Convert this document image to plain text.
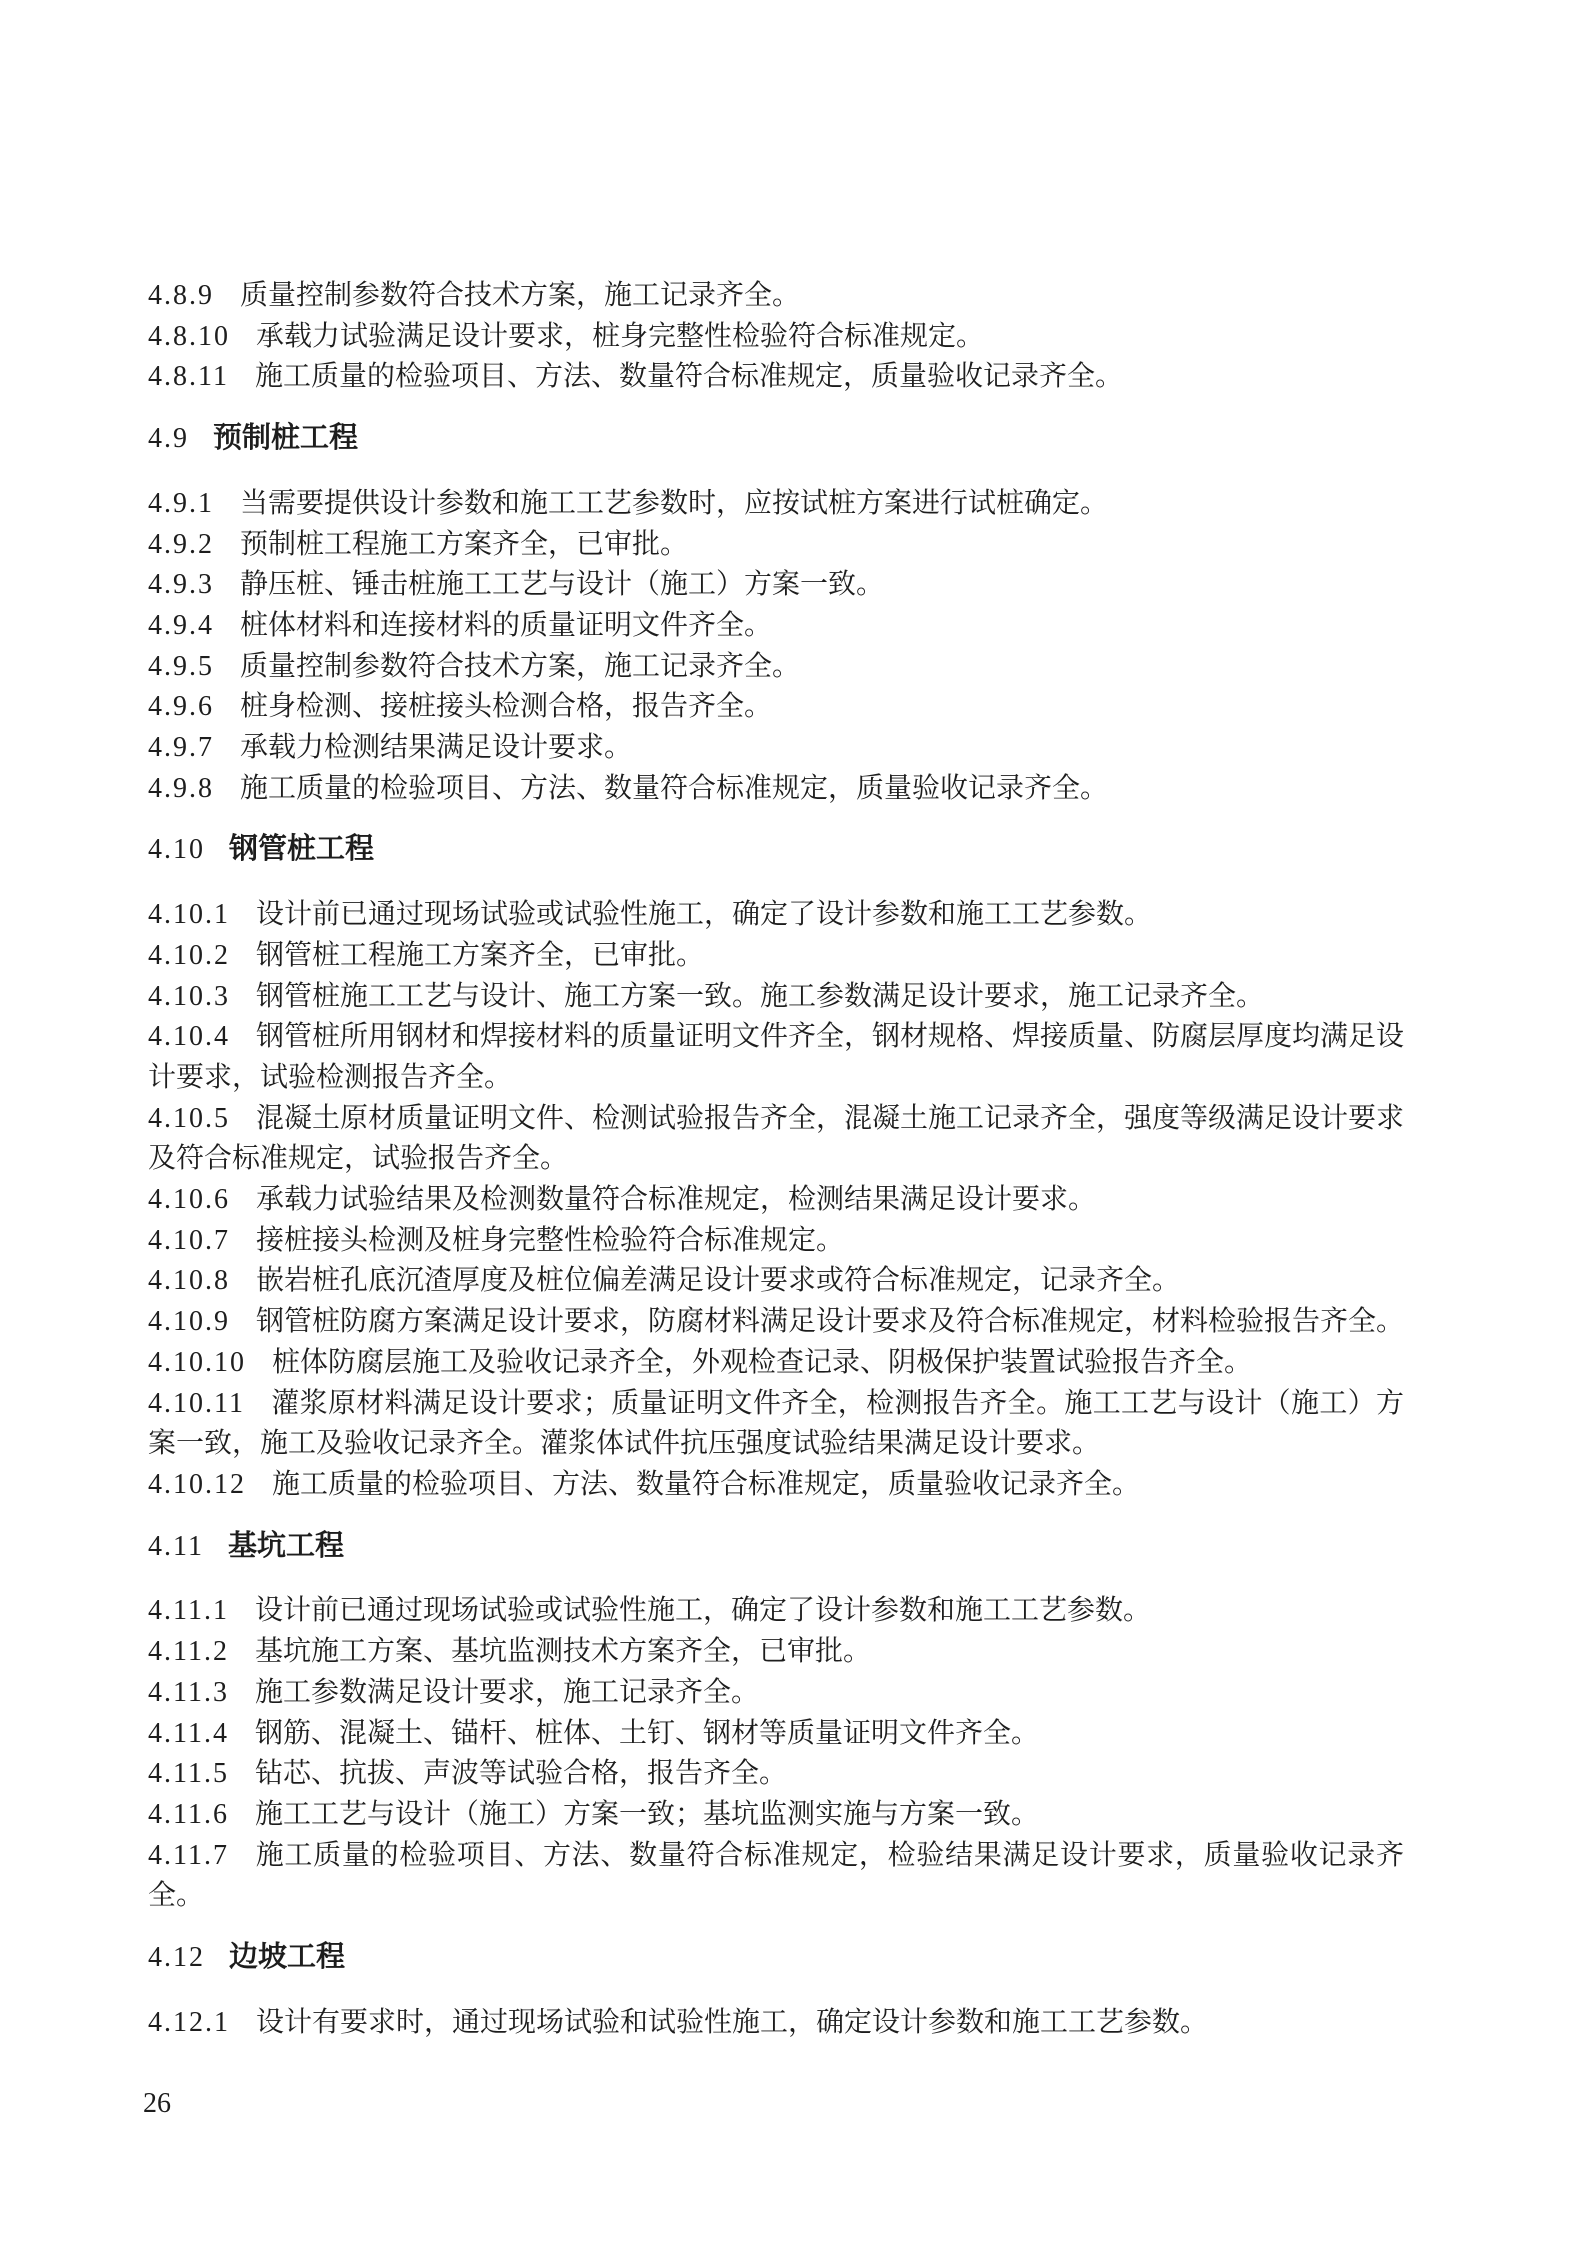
4.8.9 质量控制参数符合技术方案，施工记录齐全。
4.8.10 承载力试验满足设计要求，桩身完整性检验符合标准规定。
4.8.11 施工质量的检验项目、方法、数量符合标准规定，质量验收记录齐全。
4.9 预制桩工程
4.9.1 当需要提供设计参数和施工工艺参数时，应按试桩方案进行试桩确定。
4.9.2 预制桩工程施工方案齐全，已审批。
4.9.3 静压桩、锤击桩施工工艺与设计（施工）方案一致。
4.9.4 桩体材料和连接材料的质量证明文件齐全。
4.9.5 质量控制参数符合技术方案，施工记录齐全。
4.9.6 桩身检测、接桩接头检测合格，报告齐全。
4.9.7 承载力检测结果满足设计要求。
4.9.8 施工质量的检验项目、方法、数量符合标准规定，质量验收记录齐全。
4.10 钢管桩工程
4.10.1 设计前已通过现场试验或试验性施工，确定了设计参数和施工工艺参数。
4.10.2 钢管桩工程施工方案齐全，已审批。
4.10.3 钢管桩施工工艺与设计、施工方案一致。施工参数满足设计要求，施工记录齐全。
4.10.4 钢管桩所用钢材和焊接材料的质量证明文件齐全，钢材规格、焊接质量、防腐层厚度均满足设计要求，试验检测报告齐全。
4.10.5 混凝土原材质量证明文件、检测试验报告齐全，混凝土施工记录齐全，强度等级满足设计要求及符合标准规定，试验报告齐全。
4.10.6 承载力试验结果及检测数量符合标准规定，检测结果满足设计要求。
4.10.7 接桩接头检测及桩身完整性检验符合标准规定。
4.10.8 嵌岩桩孔底沉渣厚度及桩位偏差满足设计要求或符合标准规定，记录齐全。
4.10.9 钢管桩防腐方案满足设计要求，防腐材料满足设计要求及符合标准规定，材料检验报告齐全。
4.10.10 桩体防腐层施工及验收记录齐全，外观检查记录、阴极保护装置试验报告齐全。
4.10.11 灌浆原材料满足设计要求；质量证明文件齐全，检测报告齐全。施工工艺与设计（施工）方案一致，施工及验收记录齐全。灌浆体试件抗压强度试验结果满足设计要求。
4.10.12 施工质量的检验项目、方法、数量符合标准规定，质量验收记录齐全。
4.11 基坑工程
4.11.1 设计前已通过现场试验或试验性施工，确定了设计参数和施工工艺参数。
4.11.2 基坑施工方案、基坑监测技术方案齐全，已审批。
4.11.3 施工参数满足设计要求，施工记录齐全。
4.11.4 钢筋、混凝土、锚杆、桩体、土钉、钢材等质量证明文件齐全。
4.11.5 钻芯、抗拔、声波等试验合格，报告齐全。
4.11.6 施工工艺与设计（施工）方案一致；基坑监测实施与方案一致。
4.11.7 施工质量的检验项目、方法、数量符合标准规定，检验结果满足设计要求，质量验收记录齐全。
4.12 边坡工程
4.12.1 设计有要求时，通过现场试验和试验性施工，确定设计参数和施工工艺参数。
26
